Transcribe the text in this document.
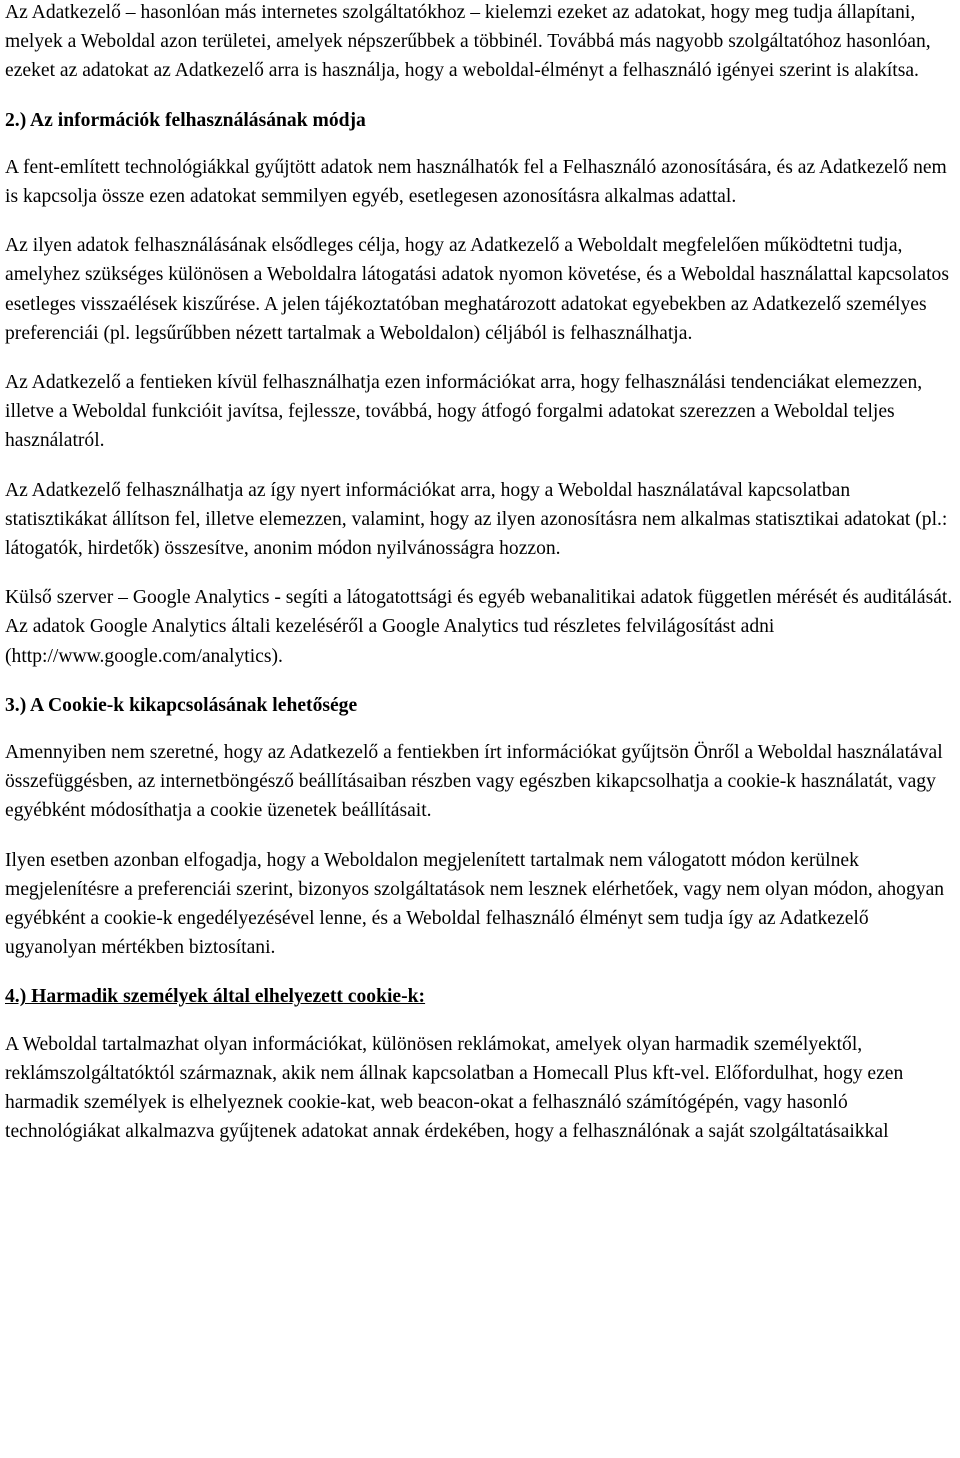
Az Adatkezelő – hasonlóan más internetes szolgáltatókhoz – kielemzi ezeket az adatokat, hogy meg tudja állapítani, melyek a Weboldal azon területei, amelyek népszerűbbek a többinél. Továbbá más nagyobb szolgáltatóhoz hasonlóan, ezeket az adatokat az Adatkezelő arra is használja, hogy a weboldal-élményt a felhasználó igényei szerint is alakítsa.

2.) Az információk felhasználásának módja

A fent-említett technológiákkal gyűjtött adatok nem használhatók fel a Felhasználó azonosítására, és az Adatkezelő nem is kapcsolja össze ezen adatokat semmilyen egyéb, esetlegesen azonosításra alkalmas adattal.

Az ilyen adatok felhasználásának elsődleges célja, hogy az Adatkezelő a Weboldalt megfelelően működtetni tudja, amelyhez szükséges különösen a Weboldalra látogatási adatok nyomon követése, és a Weboldal használattal kapcsolatos esetleges visszaélések kiszűrése. A jelen tájékoztatóban meghatározott adatokat egyebekben az Adatkezelő személyes preferenciái (pl. legsűrűbben nézett tartalmak a Weboldalon) céljából is felhasználhatja.

Az Adatkezelő a fentieken kívül felhasználhatja ezen információkat arra, hogy felhasználási tendenciákat elemezzen, illetve a Weboldal funkcióit javítsa, fejlessze, továbbá, hogy átfogó forgalmi adatokat szerezzen a Weboldal teljes használatról.

Az Adatkezelő felhasználhatja az így nyert információkat arra, hogy a Weboldal használatával kapcsolatban statisztikákat állítson fel, illetve elemezzen, valamint, hogy az ilyen azonosításra nem alkalmas statisztikai adatokat (pl.: látogatók, hirdetők) összesítve, anonim módon nyilvánosságra hozzon.

Külső szerver – Google Analytics - segíti a látogatottsági és egyéb webanalitikai adatok független mérését és auditálását. Az adatok Google Analytics általi kezeléséről a Google Analytics tud részletes felvilágosítást adni (http://www.google.com/analytics).

3.) A Cookie-k kikapcsolásának lehetősége

Amennyiben nem szeretné, hogy az Adatkezelő a fentiekben írt információkat gyűjtsön Önről a Weboldal használatával összefüggésben, az internetböngésző beállításaiban részben vagy egészben kikapcsolhatja a cookie-k használatát, vagy egyébként módosíthatja a cookie üzenetek beállításait.

Ilyen esetben azonban elfogadja, hogy a Weboldalon megjelenített tartalmak nem válogatott módon kerülnek megjelenítésre a preferenciái szerint, bizonyos szolgáltatások nem lesznek elérhetőek, vagy nem olyan módon, ahogyan egyébként a cookie-k engedélyezésével lenne, és a Weboldal felhasználó élményt sem tudja így az Adatkezelő ugyanolyan mértékben biztosítani.

4.) Harmadik személyek által elhelyezett cookie-k:

A Weboldal tartalmazhat olyan információkat, különösen reklámokat, amelyek olyan harmadik személyektől, reklámszolgáltatóktól származnak, akik nem állnak kapcsolatban a Homecall Plus kft-vel. Előfordulhat, hogy ezen harmadik személyek is elhelyeznek cookie-kat, web beacon-okat a felhasználó számítógépén, vagy hasonló technológiákat alkalmazva gyűjtenek adatokat annak érdekében, hogy a felhasználónak a saját szolgáltatásaikkal
